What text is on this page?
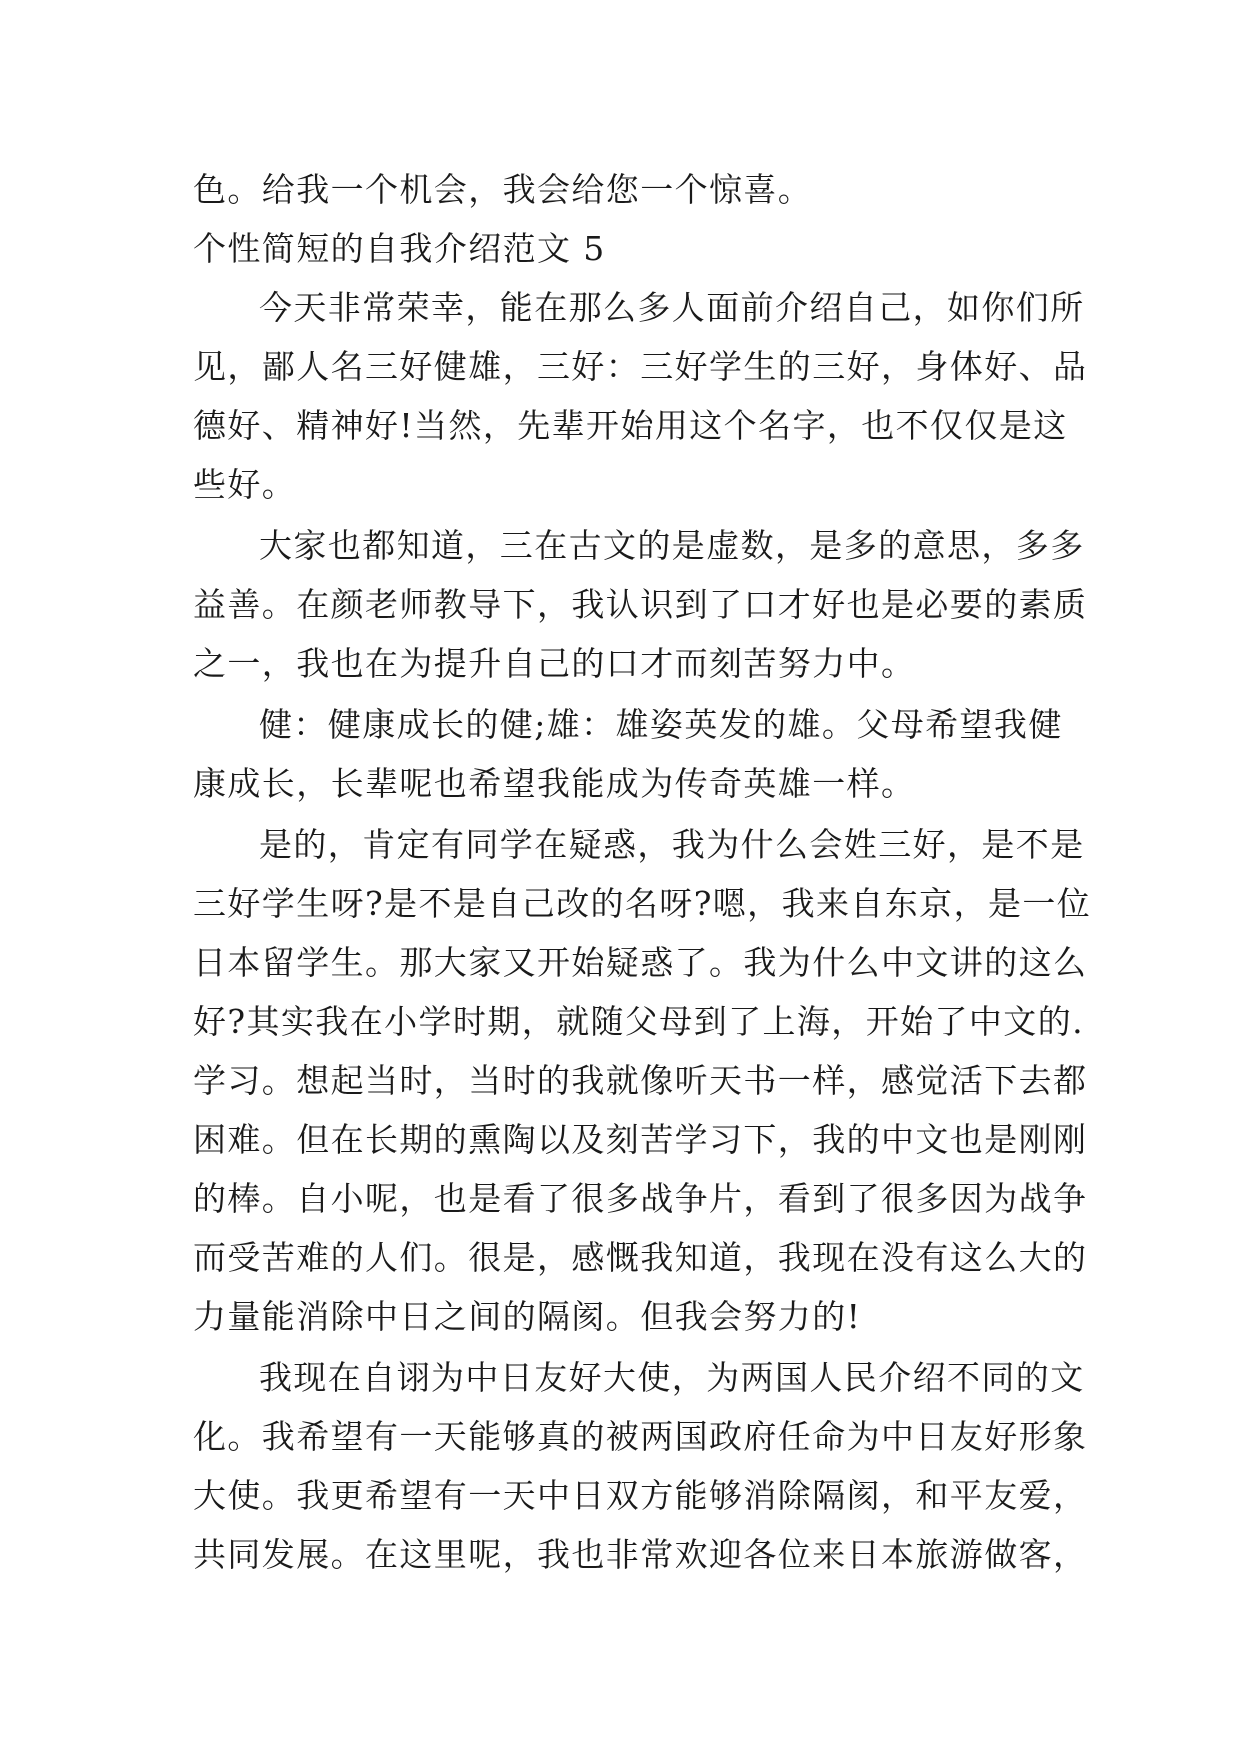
色。给我一个机会，我会给您一个惊喜。
个性简短的自我介绍范文 5
今天非常荣幸，能在那么多人面前介绍自己，如你们所
见，鄙人名三好健雄，三好：三好学生的三好，身体好、品
德好、精神好!当然，先辈开始用这个名字，也不仅仅是这
些好。
大家也都知道，三在古文的是虚数，是多的意思，多多
益善。在颜老师教导下，我认识到了口才好也是必要的素质
之一，我也在为提升自己的口才而刻苦努力中。
健：健康成长的健;雄：雄姿英发的雄。父母希望我健
康成长，长辈呢也希望我能成为传奇英雄一样。
是的，肯定有同学在疑惑，我为什么会姓三好，是不是
三好学生呀?是不是自己改的名呀?嗯，我来自东京，是一位
日本留学生。那大家又开始疑惑了。我为什么中文讲的这么
好?其实我在小学时期，就随父母到了上海，开始了中文的.
学习。想起当时，当时的我就像听天书一样，感觉活下去都
困难。但在长期的熏陶以及刻苦学习下，我的中文也是刚刚
的棒。自小呢，也是看了很多战争片，看到了很多因为战争
而受苦难的人们。很是，感慨我知道，我现在没有这么大的
力量能消除中日之间的隔阂。但我会努力的!
我现在自诩为中日友好大使，为两国人民介绍不同的文
化。我希望有一天能够真的被两国政府任命为中日友好形象
大使。我更希望有一天中日双方能够消除隔阂，和平友爱，
共同发展。在这里呢，我也非常欢迎各位来日本旅游做客，
